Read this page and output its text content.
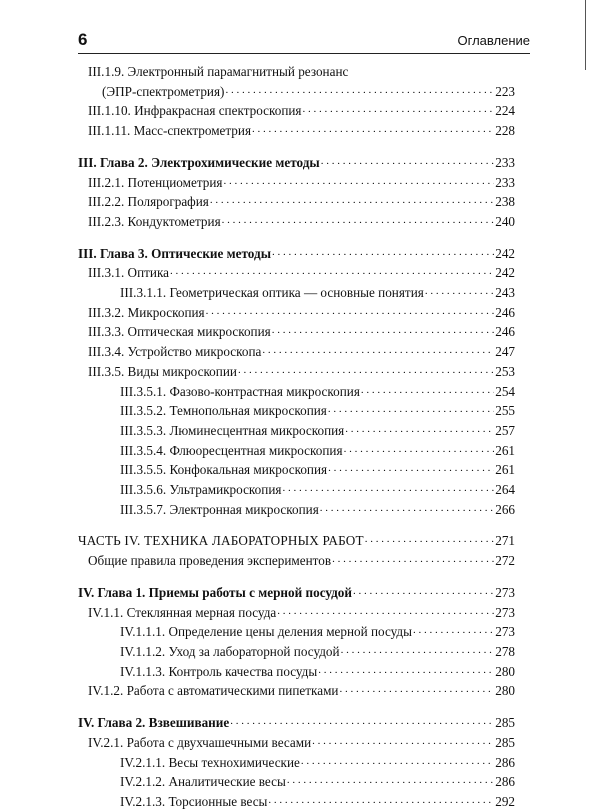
6	Оглавление
III.1.9. Электронный парамагнитный резонанс
(ЭПР-спектрометрия) . . .	223
III.1.10. Инфракрасная спектроскопия . . .	224
III.1.11. Масс-спектрометрия . . .	228
III. Глава 2. Электрохимические методы . . .	233
III.2.1. Потенциометрия . . .	233
III.2.2. Полярография . . .	238
III.2.3. Кондуктометрия . . .	240
III. Глава 3. Оптические методы . . .	242
III.3.1. Оптика . . .	242
III.3.1.1. Геометрическая оптика — основные понятия . . .	243
III.3.2. Микроскопия . . .	246
III.3.3. Оптическая микроскопия . . .	246
III.3.4. Устройство микроскопа . . .	247
III.3.5. Виды микроскопии . . .	253
III.3.5.1. Фазово-контрастная микроскопия . . .	254
III.3.5.2. Темнопольная микроскопия . . .	255
III.3.5.3. Люминесцентная микроскопия . . .	257
III.3.5.4. Флюоресцентная микроскопия . . .	261
III.3.5.5. Конфокальная микроскопия . . .	261
III.3.5.6. Ультрамикроскопия . . .	264
III.3.5.7. Электронная микроскопия . . .	266
ЧАСТЬ IV. ТЕХНИКА ЛАБОРАТОРНЫХ РАБОТ . . .	271
Общие правила проведения экспериментов . . .	272
IV. Глава 1. Приемы работы с мерной посудой . . .	273
IV.1.1. Стеклянная мерная посуда . . .	273
IV.1.1.1. Определение цены деления мерной посуды . . .	273
IV.1.1.2. Уход за лабораторной посудой . . .	278
IV.1.1.3. Контроль качества посуды . . .	280
IV.1.2. Работа с автоматическими пипетками . . .	280
IV. Глава 2. Взвешивание . . .	285
IV.2.1. Работа с двухчашечными весами . . .	285
IV.2.1.1. Весы технохимические . . .	286
IV.2.1.2. Аналитические весы . . .	286
IV.2.1.3. Торсионные весы . . .	292
